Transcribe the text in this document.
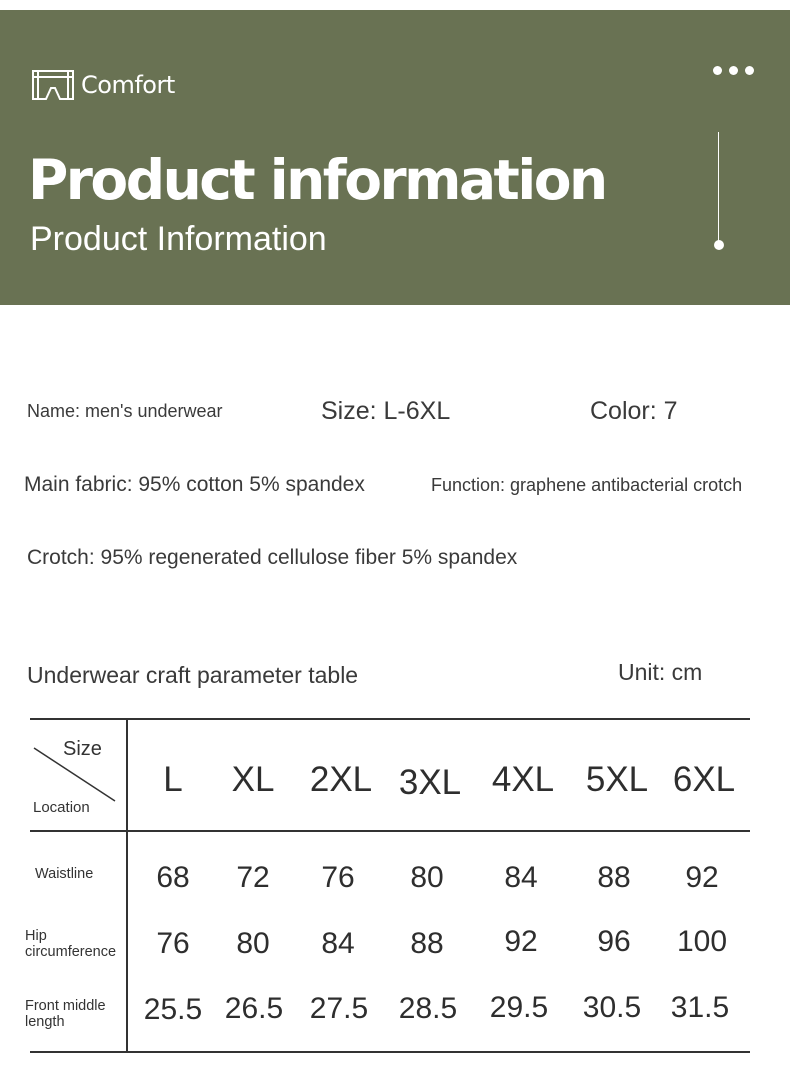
Comfort
Product information
Product Information
Name: men's underwear	Size: L-6XL	Color: 7
Main fabric: 95% cotton 5% spandex	Function: graphene antibacterial crotch
Crotch: 95% regenerated cellulose fiber 5% spandex
Underwear craft parameter table	Unit: cm
Size
Location
L	XL	2XL 3XL 4XL 5XL 6XL
Waistline	68	72	76	80	84	88	92
Hip circumference	76	80	84	88	92	96	100
Front middle length	25.5 26.5 27.5	28.5	29.5	30.5 31.5
